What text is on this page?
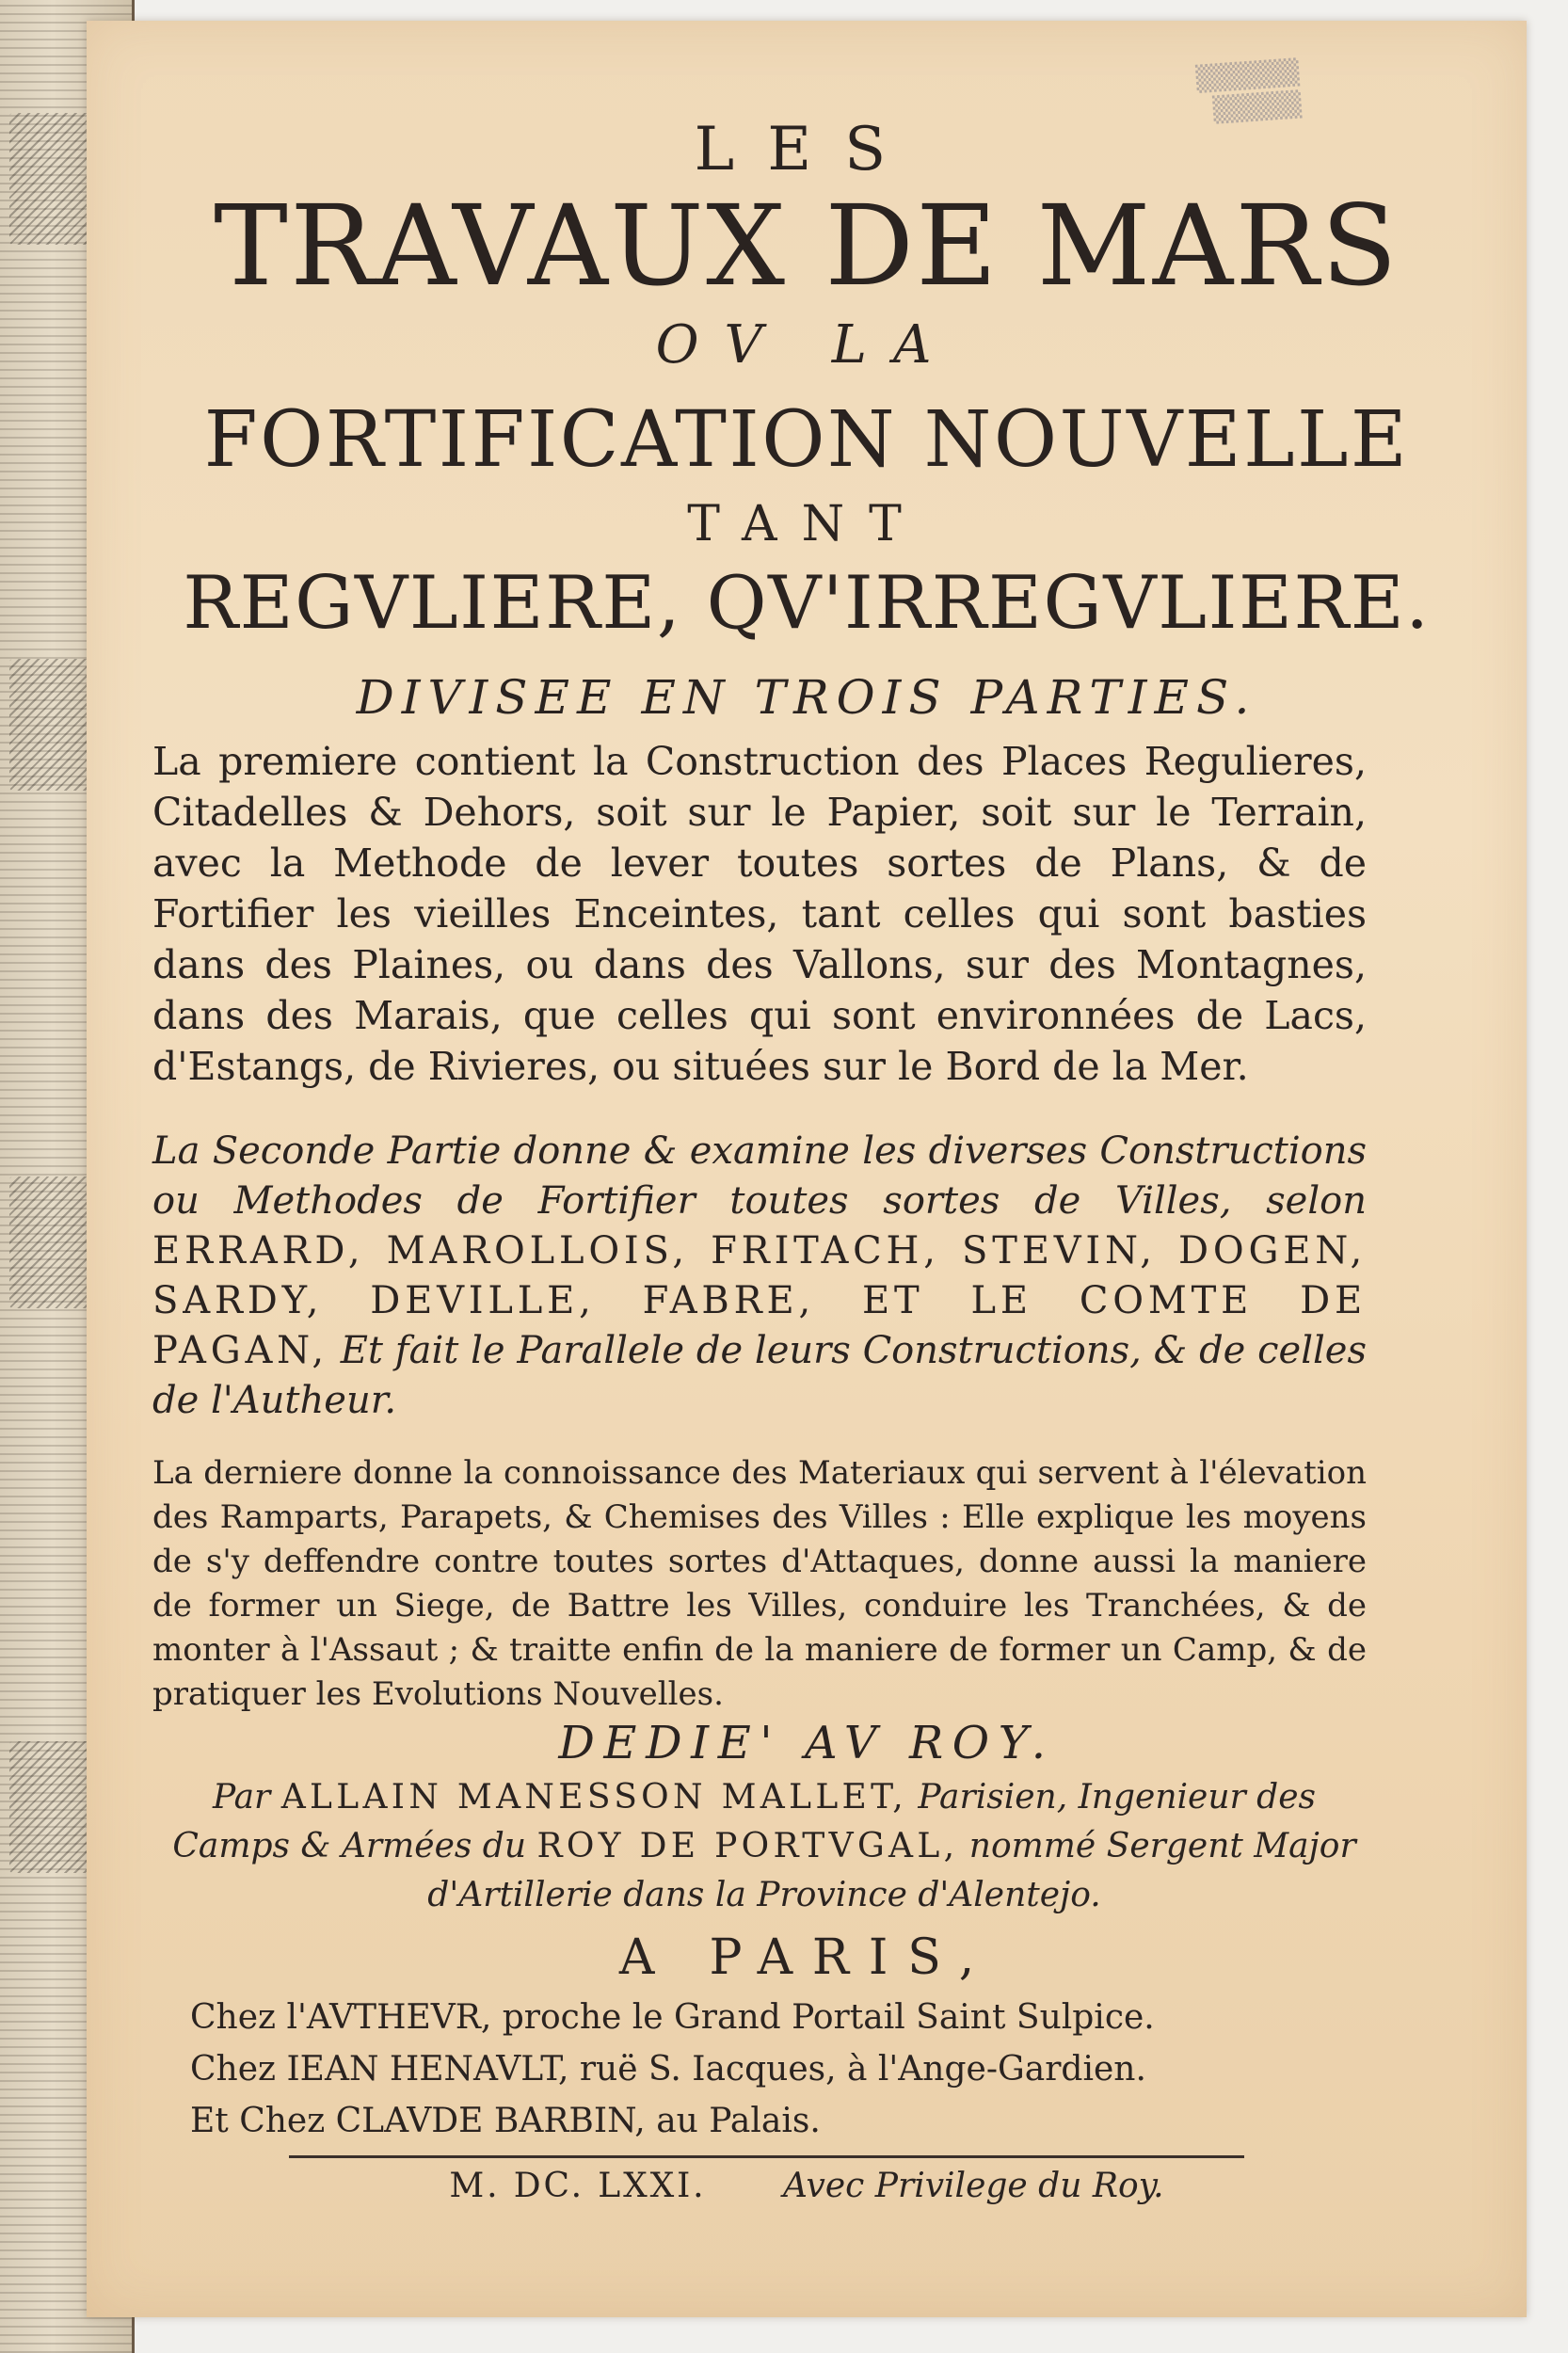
▒▒▒▒▒▒▒
▒▒▒▒▒▒
LES
TRAVAUX DE MARS
OV LA
FORTIFICATION NOUVELLE
TANT
REGVLIERE, QV'IRREGVLIERE.
DIVISEE EN TROIS PARTIES.
La premiere contient la Construction des Places Regulieres, Citadelles & Dehors, soit sur le Papier, soit sur le Terrain, avec la Methode de lever toutes sortes de Plans, & de Fortifier les vieilles Enceintes, tant celles qui sont basties dans des Plaines, ou dans des Vallons, sur des Montagnes, dans des Marais, que celles qui sont environnées de Lacs, d'Estangs, de Rivieres, ou situées sur le Bord de la Mer.
La Seconde Partie donne & examine les diverses Constructions ou Methodes de Fortifier toutes sortes de Villes, selon ERRARD, MAROLLOIS, FRITACH, STEVIN, DOGEN, SARDY, DEVILLE, FABRE, ET LE COMTE DE PAGAN, Et fait le Parallele de leurs Constructions, & de celles de l'Autheur.
La derniere donne la connoissance des Materiaux qui servent à l'élevation des Ramparts, Parapets, & Chemises des Villes : Elle explique les moyens de s'y deffendre contre toutes sortes d'Attaques, donne aussi la maniere de former un Siege, de Battre les Villes, conduire les Tranchées, & de monter à l'Assaut ; & traitte enfin de la maniere de former un Camp, & de pratiquer les Evolutions Nouvelles.
DEDIE' AV ROY.
Par ALLAIN MANESSON MALLET, Parisien, Ingenieur des Camps & Armées du ROY DE PORTVGAL, nommé Sergent Major d'Artillerie dans la Province d'Alentejo.
A PARIS,
Chez l'AVTHEVR, proche le Grand Portail Saint Sulpice.
Chez IEAN HENAVLT, ruë S. Iacques, à l'Ange-Gardien.
Et Chez CLAVDE BARBIN, au Palais.
M. DC. LXXI. Avec Privilege du Roy.
